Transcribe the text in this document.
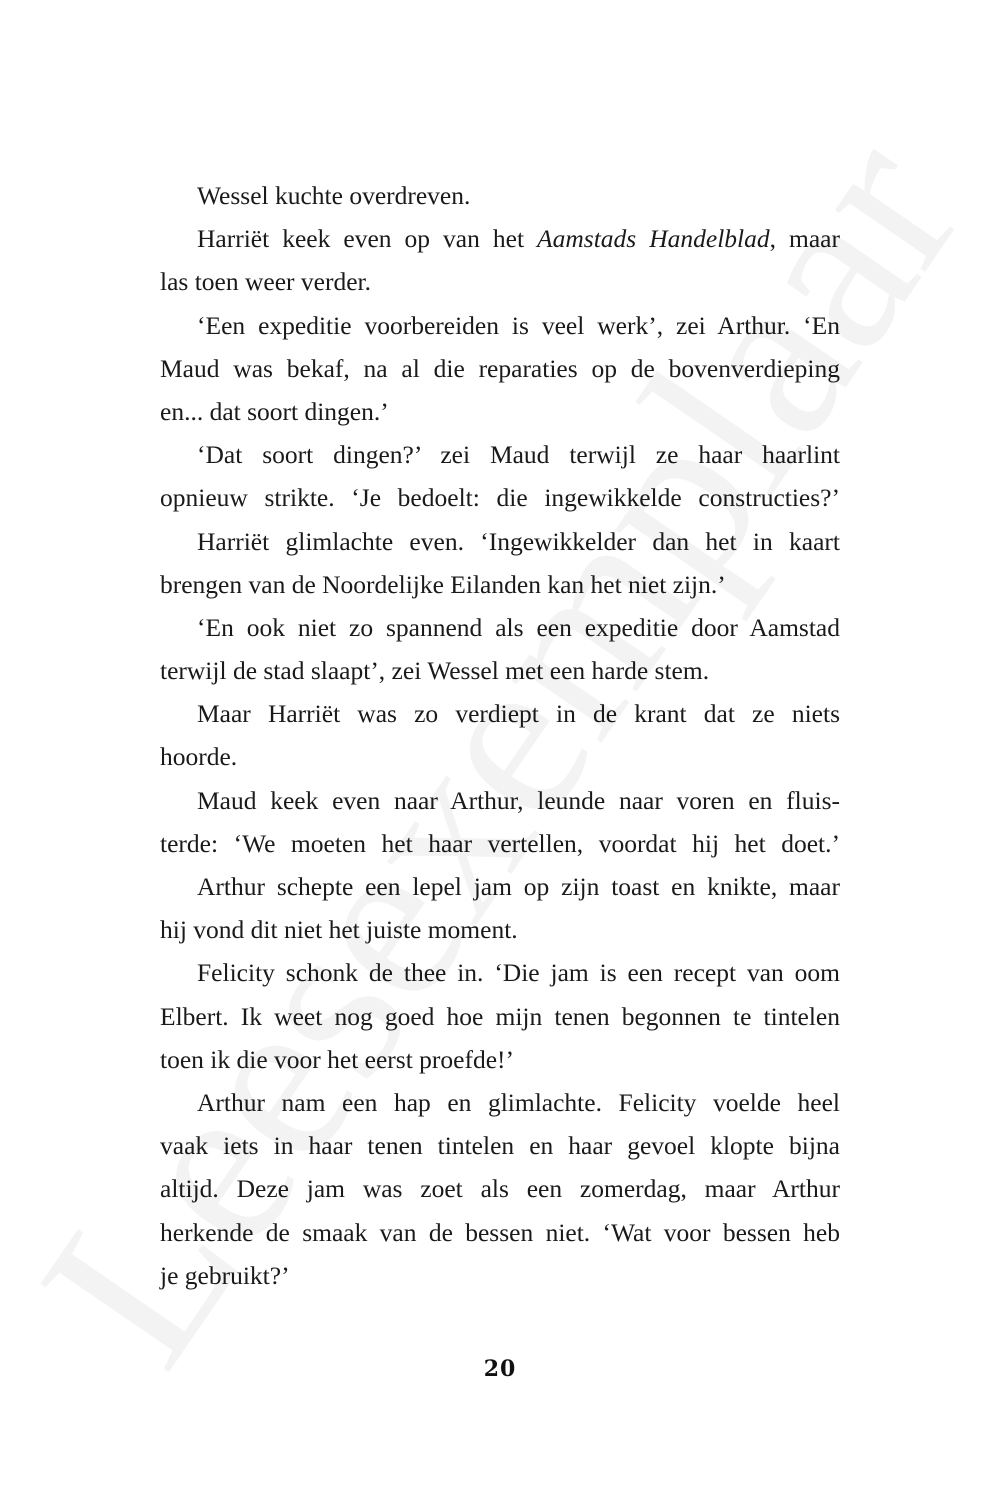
Wessel kuchte overdreven.
Harriët keek even op van het Aamstads Handelblad, maar
las toen weer verder.
‘Een expeditie voorbereiden is veel werk’, zei Arthur. ‘En
Maud was bekaf, na al die reparaties op de bovenverdieping
en... dat soort dingen.’
‘Dat soort dingen?’ zei Maud terwijl ze haar haarlint
opnieuw strikte. ‘Je bedoelt: die ingewikkelde constructies?’
Harriët glimlachte even. ‘Ingewikkelder dan het in kaart
brengen van de Noordelijke Eilanden kan het niet zijn.’
‘En ook niet zo spannend als een expeditie door Aamstad
terwijl de stad slaapt’, zei Wessel met een harde stem.
Maar Harriët was zo verdiept in de krant dat ze niets
hoorde.
Maud keek even naar Arthur, leunde naar voren en fluis-
terde: ‘We moeten het haar vertellen, voordat hij het doet.’
Arthur schepte een lepel jam op zijn toast en knikte, maar
hij vond dit niet het juiste moment.
Felicity schonk de thee in. ‘Die jam is een recept van oom
Elbert. Ik weet nog goed hoe mijn tenen begonnen te tintelen
toen ik die voor het eerst proefde!’
Arthur nam een hap en glimlachte. Felicity voelde heel
vaak iets in haar tenen tintelen en haar gevoel klopte bijna
altijd. Deze jam was zoet als een zomerdag, maar Arthur
herkende de smaak van de bessen niet. ‘Wat voor bessen heb
je gebruikt?’
20
